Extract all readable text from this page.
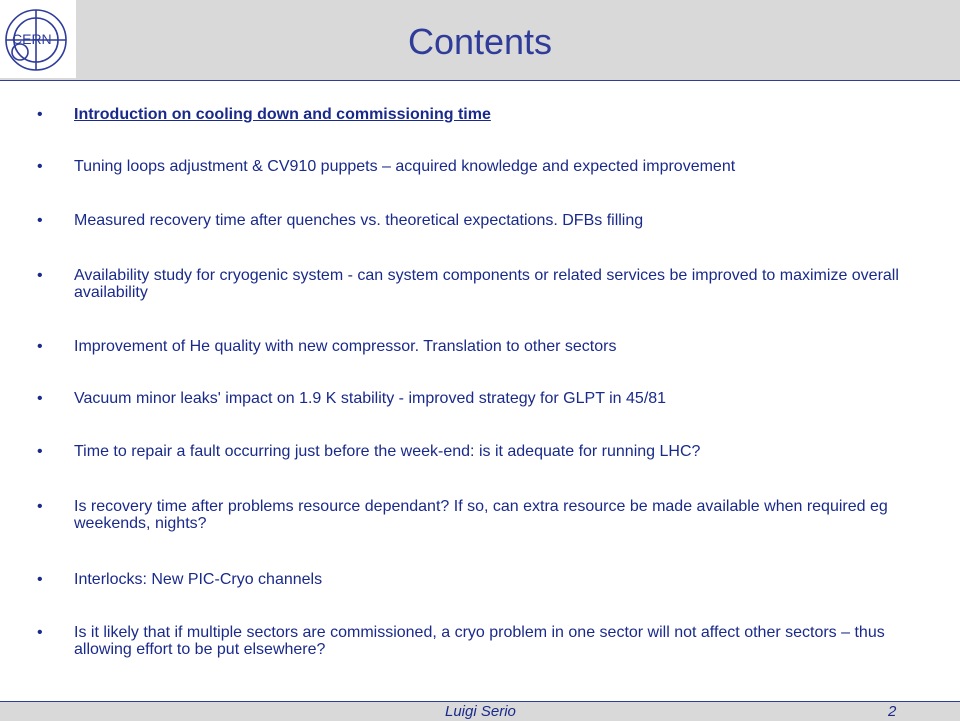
CERN	Contents
•	Introduction on cooling down and commissioning time
•	Tuning loops adjustment & CV910 puppets – acquired knowledge and expected improvement
•	Measured recovery time after quenches vs. theoretical expectations. DFBs filling
•	Availability study for cryogenic system - can system components or related services be improved to maximize overall availability
•	Improvement of He quality with new compressor. Translation to other sectors
•	Vacuum minor leaks' impact on 1.9 K stability - improved strategy for GLPT in 45/81
•	Time to repair a fault occurring just before the week-end: is it adequate for running LHC?
•	Is recovery time after problems resource dependant? If so, can extra resource be made available when required eg weekends, nights?
•	Interlocks: New PIC-Cryo channels
•	Is it likely that if multiple sectors are commissioned, a cryo problem in one sector will not affect other sectors – thus allowing effort to be put elsewhere?
Luigi Serio	2
